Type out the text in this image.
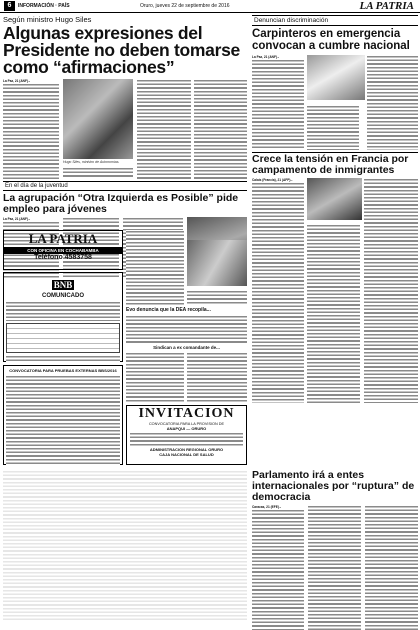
6	INFORMACIÓN · PAÍS	Oruro, jueves 22 de septiembre de 2016	LA PATRIA
Según ministro Hugo Siles
Algunas expresiones del Presidente no deben tomarse como “afirmaciones”
La Paz, 21 (ANF).-
Hugo Siles, ministro de Autonomías.
En el día de la juventud
La agrupación “Otra Izquierda es Posible” pide empleo para jóvenes
La Paz, 21 (ANF).-
LA PATRIA
CON OFICINA EN COCHABAMBA
Teléfono 4583758
BNB
COMUNICADO
Evo denuncia que la DEA recopila...
Sindican a ex comandante de...
CONVOCATORIA PARA PRUEBAS EXTERNAS BBS/2016
INVITACION
CONVOCATORIA PARA LA PROVISION DE
ANAPQUI — ORURO
ADMINISTRACION REGIONAL ORURO
CAJA NACIONAL DE SALUD
Denuncian discriminación
Carpinteros en emergencia convocan a cumbre nacional
La Paz, 21 (ANF).-
Crece la tensión en Francia por campamento de inmigrantes
Calais (Francia), 21 (AFP).-
Parlamento irá a entes internacionales por “ruptura” de democracia
Caracas, 21 (EFE).-
